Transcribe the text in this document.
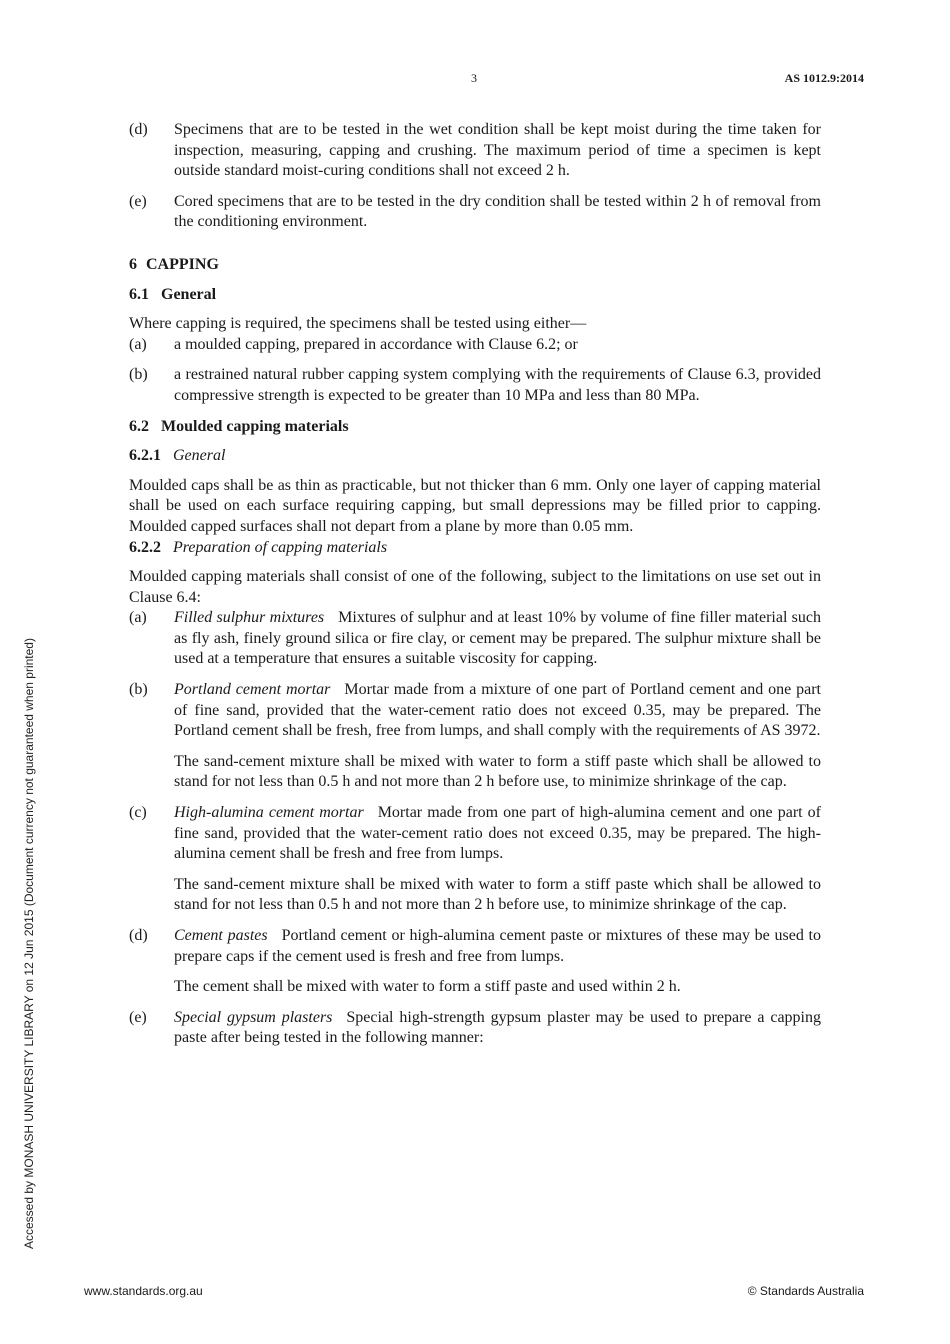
3	AS 1012.9:2014
Accessed by MONASH UNIVERSITY LIBRARY on 12 Jun 2015 (Document currency not guaranteed when printed)
(d)	Specimens that are to be tested in the wet condition shall be kept moist during the time taken for inspection, measuring, capping and crushing. The maximum period of time a specimen is kept outside standard moist-curing conditions shall not exceed 2 h.

(e)	Cored specimens that are to be tested in the dry condition shall be tested within 2 h of removal from the conditioning environment.

6 CAPPING
6.1 General

Where capping is required, the specimens shall be tested using either—

(a)	a moulded capping, prepared in accordance with Clause 6.2; or

(b)	a restrained natural rubber capping system complying with the requirements of Clause 6.3, provided compressive strength is expected to be greater than 10 MPa and less than 80 MPa.

6.2 Moulded capping materials
6.2.1 General

Moulded caps shall be as thin as practicable, but not thicker than 6 mm. Only one layer of capping material shall be used on each surface requiring capping, but small depressions may be filled prior to capping. Moulded capped surfaces shall not depart from a plane by more than 0.05 mm.

6.2.2 Preparation of capping materials

Moulded capping materials shall consist of one of the following, subject to the limitations on use set out in Clause 6.4:

(a)	Filled sulphur mixtures Mixtures of sulphur and at least 10% by volume of fine filler material such as fly ash, finely ground silica or fire clay, or cement may be prepared. The sulphur mixture shall be used at a temperature that ensures a suitable viscosity for capping.

(b)	Portland cement mortar Mortar made from a mixture of one part of Portland cement and one part of fine sand, provided that the water-cement ratio does not exceed 0.35, may be prepared. The Portland cement shall be fresh, free from lumps, and shall comply with the requirements of AS 3972.

The sand-cement mixture shall be mixed with water to form a stiff paste which shall be allowed to stand for not less than 0.5 h and not more than 2 h before use, to minimize shrinkage of the cap.

(c)	High-alumina cement mortar Mortar made from one part of high-alumina cement and one part of fine sand, provided that the water-cement ratio does not exceed 0.35, may be prepared. The high-alumina cement shall be fresh and free from lumps.

The sand-cement mixture shall be mixed with water to form a stiff paste which shall be allowed to stand for not less than 0.5 h and not more than 2 h before use, to minimize shrinkage of the cap.

(d)	Cement pastes Portland cement or high-alumina cement paste or mixtures of these may be used to prepare caps if the cement used is fresh and free from lumps.

The cement shall be mixed with water to form a stiff paste and used within 2 h.

(e)	Special gypsum plasters Special high-strength gypsum plaster may be used to prepare a capping paste after being tested in the following manner:

www.standards.org.au	© Standards Australia
